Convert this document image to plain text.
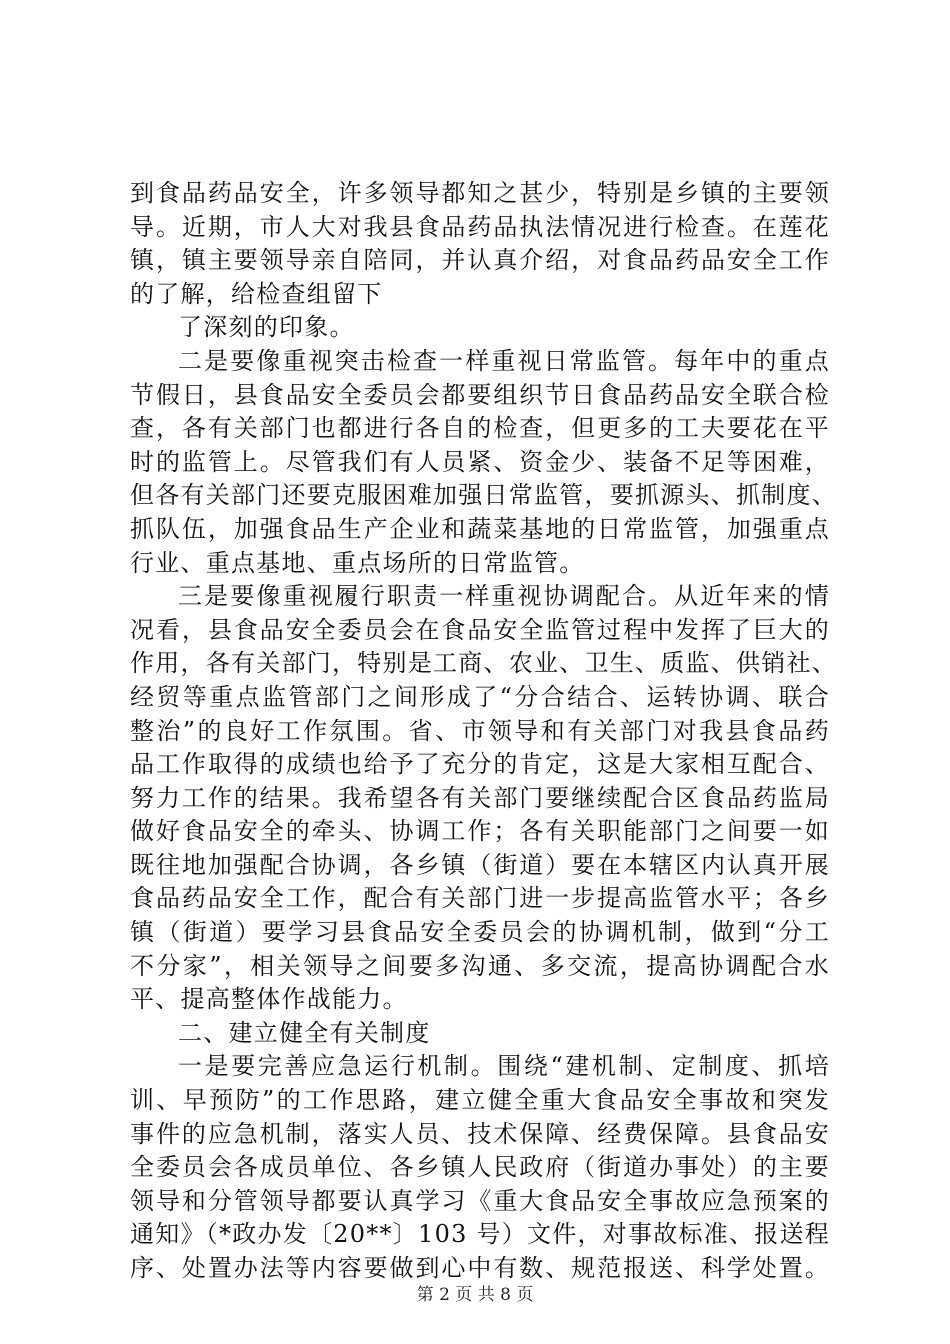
到食品药品安全，许多领导都知之甚少，特别是乡镇的主要领
导。近期，市人大对我县食品药品执法情况进行检查。在莲花
镇，镇主要领导亲自陪同，并认真介绍，对食品药品安全工作
的了解，给检查组留下
了深刻的印象。
二是要像重视突击检查一样重视日常监管。每年中的重点
节假日，县食品安全委员会都要组织节日食品药品安全联合检
查，各有关部门也都进行各自的检查，但更多的工夫要花在平
时的监管上。尽管我们有人员紧、资金少、装备不足等困难，
但各有关部门还要克服困难加强日常监管，要抓源头、抓制度、
抓队伍，加强食品生产企业和蔬菜基地的日常监管，加强重点
行业、重点基地、重点场所的日常监管。
三是要像重视履行职责一样重视协调配合。从近年来的情
况看，县食品安全委员会在食品安全监管过程中发挥了巨大的
作用，各有关部门，特别是工商、农业、卫生、质监、供销社、
经贸等重点监管部门之间形成了“分合结合、运转协调、联合
整治”的良好工作氛围。省、市领导和有关部门对我县食品药
品工作取得的成绩也给予了充分的肯定，这是大家相互配合、
努力工作的结果。我希望各有关部门要继续配合区食品药监局
做好食品安全的牵头、协调工作；各有关职能部门之间要一如
既往地加强配合协调，各乡镇（街道）要在本辖区内认真开展
食品药品安全工作，配合有关部门进一步提高监管水平；各乡
镇（街道）要学习县食品安全委员会的协调机制，做到“分工
不分家”，相关领导之间要多沟通、多交流，提高协调配合水
平、提高整体作战能力。
二、建立健全有关制度
一是要完善应急运行机制。围绕“建机制、定制度、抓培
训、早预防”的工作思路，建立健全重大食品安全事故和突发
事件的应急机制，落实人员、技术保障、经费保障。县食品安
全委员会各成员单位、各乡镇人民政府（街道办事处）的主要
领导和分管领导都要认真学习《重大食品安全事故应急预案的
通知》（*政办发〔20**〕103 号）文件，对事故标准、报送程
序、处置办法等内容要做到心中有数、规范报送、科学处置。
第 2 页 共 8 页
